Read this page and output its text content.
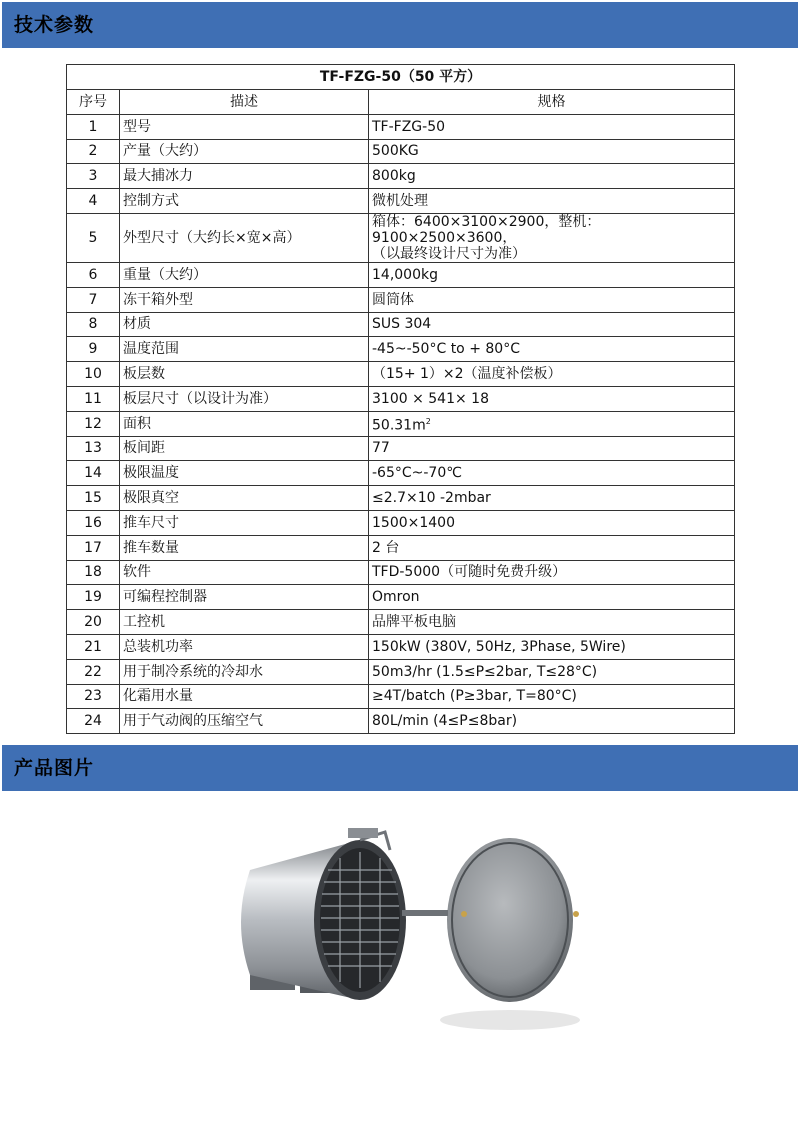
技术参数
TF-FZG-50（50 平方）		
序号	描述	规格
1	型号	TF-FZG-50
2	产量（大约）	500KG
3	最大捕冰力	800kg
4	控制方式	微机处理
5	外型尺寸（大约长×宽×高）	箱体：6400×3100×2900，整机：9100×2500×3600，
（以最终设计尺寸为准）
6	重量（大约）	14,000kg
7	冻干箱外型	圆筒体
8	材质	SUS 304
9	温度范围	-45~-50°C to + 80°C
10	板层数	（15+ 1）×2（温度补偿板）
11	板层尺寸（以设计为准）	3100 × 541× 18
12	面积	$50.31m^2$
13	板间距	77
14	极限温度	-65°C~-70℃
15	极限真空	≤2.7×10 -2mbar
16	推车尺寸	1500×1400
17	推车数量	2 台
18	软件	TFD-5000（可随时免费升级）
19	可编程控制器	Omron
20	工控机	品牌平板电脑
21	总装机功率	150kW (380V, 50Hz, 3Phase, 5Wire)
22	用于制冷系统的冷却水	50m3/hr (1.5≤P≤2bar, T≤28°C)
23	化霜用水量	≥4T/batch (P≥3bar, T=80°C)
24	用于气动阀的压缩空气	80L/min (4≤P≤8bar)
产品图片
